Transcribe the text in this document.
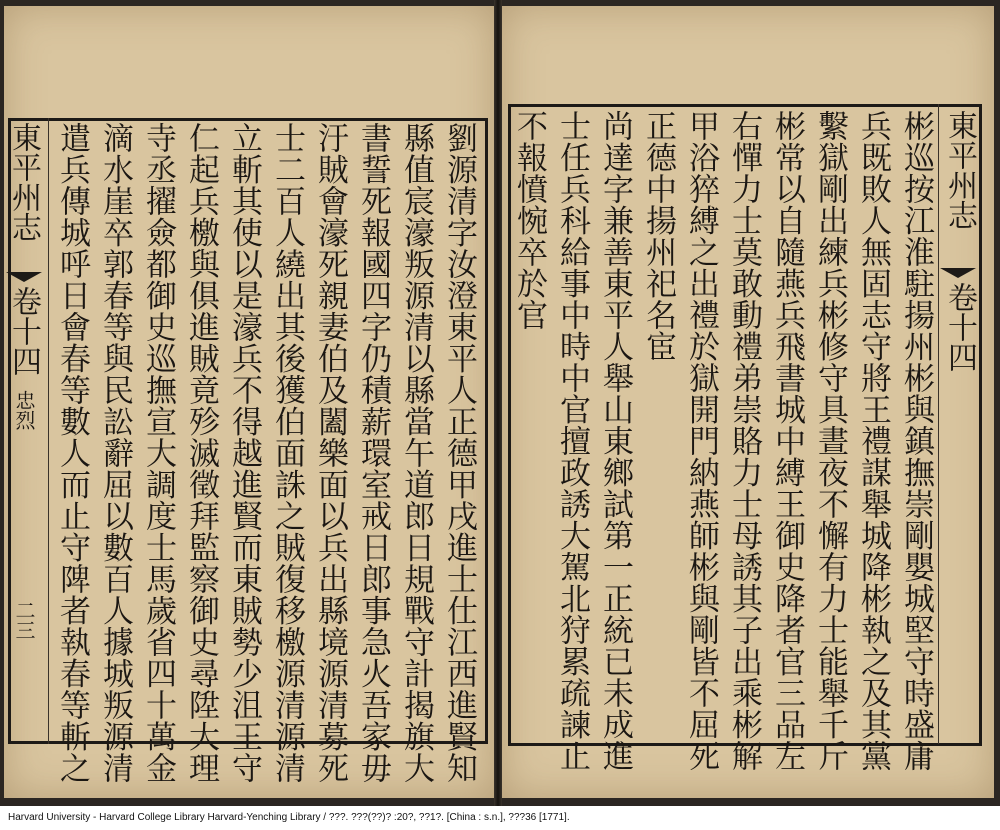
東平州志
卷十四
忠烈
二三	劉源清字汝澄東平人正德甲戌進士仕江西進賢知
縣值宸濠叛源清以縣當午道郎日規戰守計揭旗大
書誓死報國四字仍積薪環室戒日郎事急火吾家毋
汙賊會濠死親妻伯及闔樂面以兵出縣境源清募死
士二百人繞出其後獲伯面誅之賊復移檄源清源清
立斬其使以是濠兵不得越進賢而東賊勢少沮王守
仁起兵檄與俱進賊竟殄滅徵拜監察御史尋陞大理
寺丞擢僉都御史巡撫宣大調度士馬歲省四十萬金
滴水崖卒郭春等與民訟辭屈以數百人據城叛源清
遣兵傳城呼日會春等數人而止守陴者執春等斬之	東平州志
卷十四
彬巡按江淮駐揚州彬與鎮撫崇剛嬰城堅守時盛庸
兵既敗人無固志守將王禮謀舉城降彬執之及其黨
繫獄剛出練兵彬修守具晝夜不懈有力士能舉千斤
彬常以自隨燕兵飛書城中縛王御史降者官三品左
右憚力士莫敢動禮弟崇賂力士母誘其子出乘彬解
甲浴猝縛之出禮於獄開門納燕師彬與剛皆不屈死
正德中揚州祀名宦
尚達字兼善東平人舉山東鄉試第一正統已未成進
士任兵科給事中時中官擅政誘大駕北狩累疏諫止
不報憤惋卒於官
Harvard University - Harvard College Library Harvard-Yenching Library / ???. ???(??)? :20?, ??1?. [China : s.n.], ???36 [1771].
